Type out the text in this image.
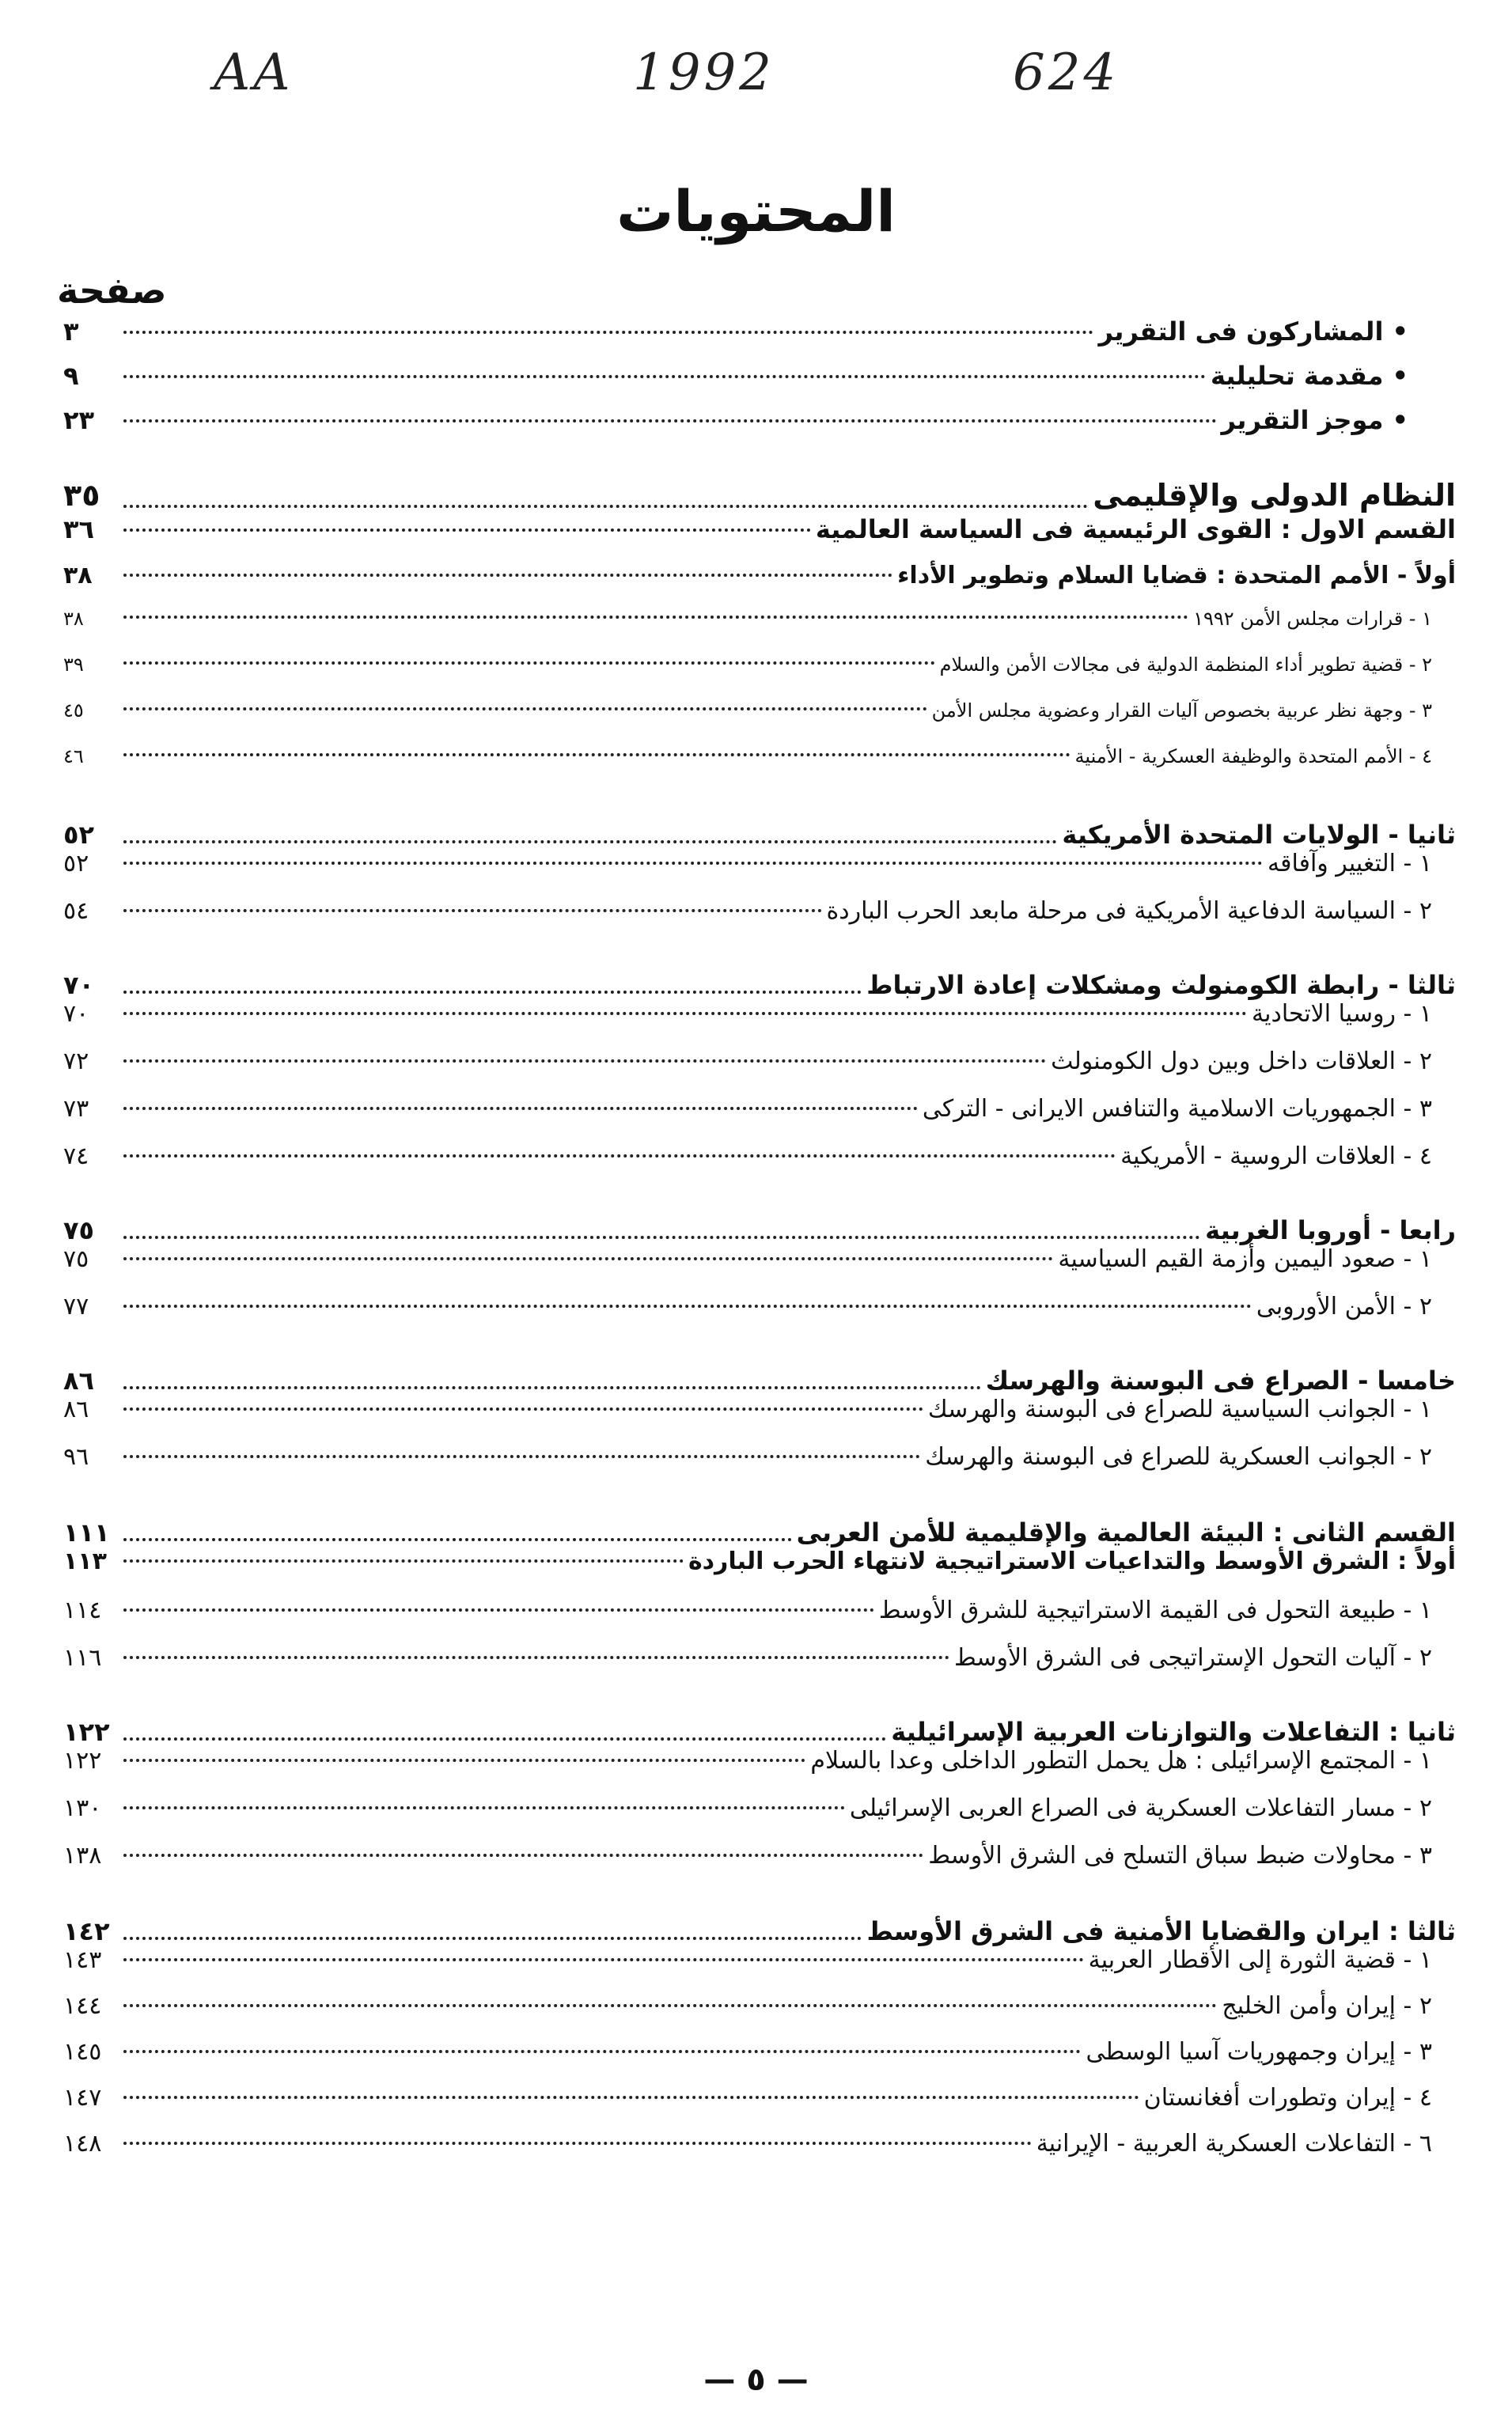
AA	1992	624
المحتويات
صفحة
• المشاركون فى التقرير
٣
• مقدمة تحليلية
٩
• موجز التقرير
٢٣
النظام الدولى والإقليمى
٣٥
القسم الاول : القوى الرئيسية فى السياسة العالمية
٣٦
أولاً - الأمم المتحدة : قضايا السلام وتطوير الأداء
٣٨
١ - قرارات مجلس الأمن ١٩٩٢
٣٨
٢ - قضية تطوير أداء المنظمة الدولية فى مجالات الأمن والسلام
٣٩
٣ - وجهة نظر عربية بخصوص آليات القرار وعضوية مجلس الأمن
٤٥
٤ - الأمم المتحدة والوظيفة العسكرية - الأمنية
٤٦
ثانيا - الولايات المتحدة الأمريكية
٥٢
١ - التغيير وآفاقه
٥٢
٢ - السياسة الدفاعية الأمريكية فى مرحلة مابعد الحرب الباردة
٥٤
ثالثا - رابطة الكومنولث ومشكلات إعادة الارتباط
٧٠
١ - روسيا الاتحادية
٧٠
٢ - العلاقات داخل وبين دول الكومنولث
٧٢
٣ - الجمهوريات الاسلامية والتنافس الايرانى - التركى
٧٣
٤ - العلاقات الروسية - الأمريكية
٧٤
رابعا - أوروبا الغربية
٧٥
١ - صعود اليمين وأزمة القيم السياسية
٧٥
٢ - الأمن الأوروبى
٧٧
خامسا - الصراع فى البوسنة والهرسك
٨٦
١ - الجوانب السياسية للصراع فى البوسنة والهرسك
٨٦
٢ - الجوانب العسكرية للصراع فى البوسنة والهرسك
٩٦
القسم الثانى : البيئة العالمية والإقليمية للأمن العربى
١١١
أولاً : الشرق الأوسط والتداعيات الاستراتيجية لانتهاء الحرب الباردة
١١٣
١ - طبيعة التحول فى القيمة الاستراتيجية للشرق الأوسط
١١٤
٢ - آليات التحول الإستراتيجى فى الشرق الأوسط
١١٦
ثانيا : التفاعلات والتوازنات العربية الإسرائيلية
١٢٢
١ - المجتمع الإسرائيلى : هل يحمل التطور الداخلى وعدا بالسلام
١٢٢
٢ - مسار التفاعلات العسكرية فى الصراع العربى الإسرائيلى
١٣٠
٣ - محاولات ضبط سباق التسلح فى الشرق الأوسط
١٣٨
ثالثا : ايران والقضايا الأمنية فى الشرق الأوسط
١٤٢
١ - قضية الثورة إلى الأقطار العربية
١٤٣
٢ - إيران وأمن الخليج
١٤٤
٣ - إيران وجمهوريات آسيا الوسطى
١٤٥
٤ - إيران وتطورات أفغانستان
١٤٧
٦ - التفاعلات العسكرية العربية - الإيرانية
١٤٨
— ٥ —
